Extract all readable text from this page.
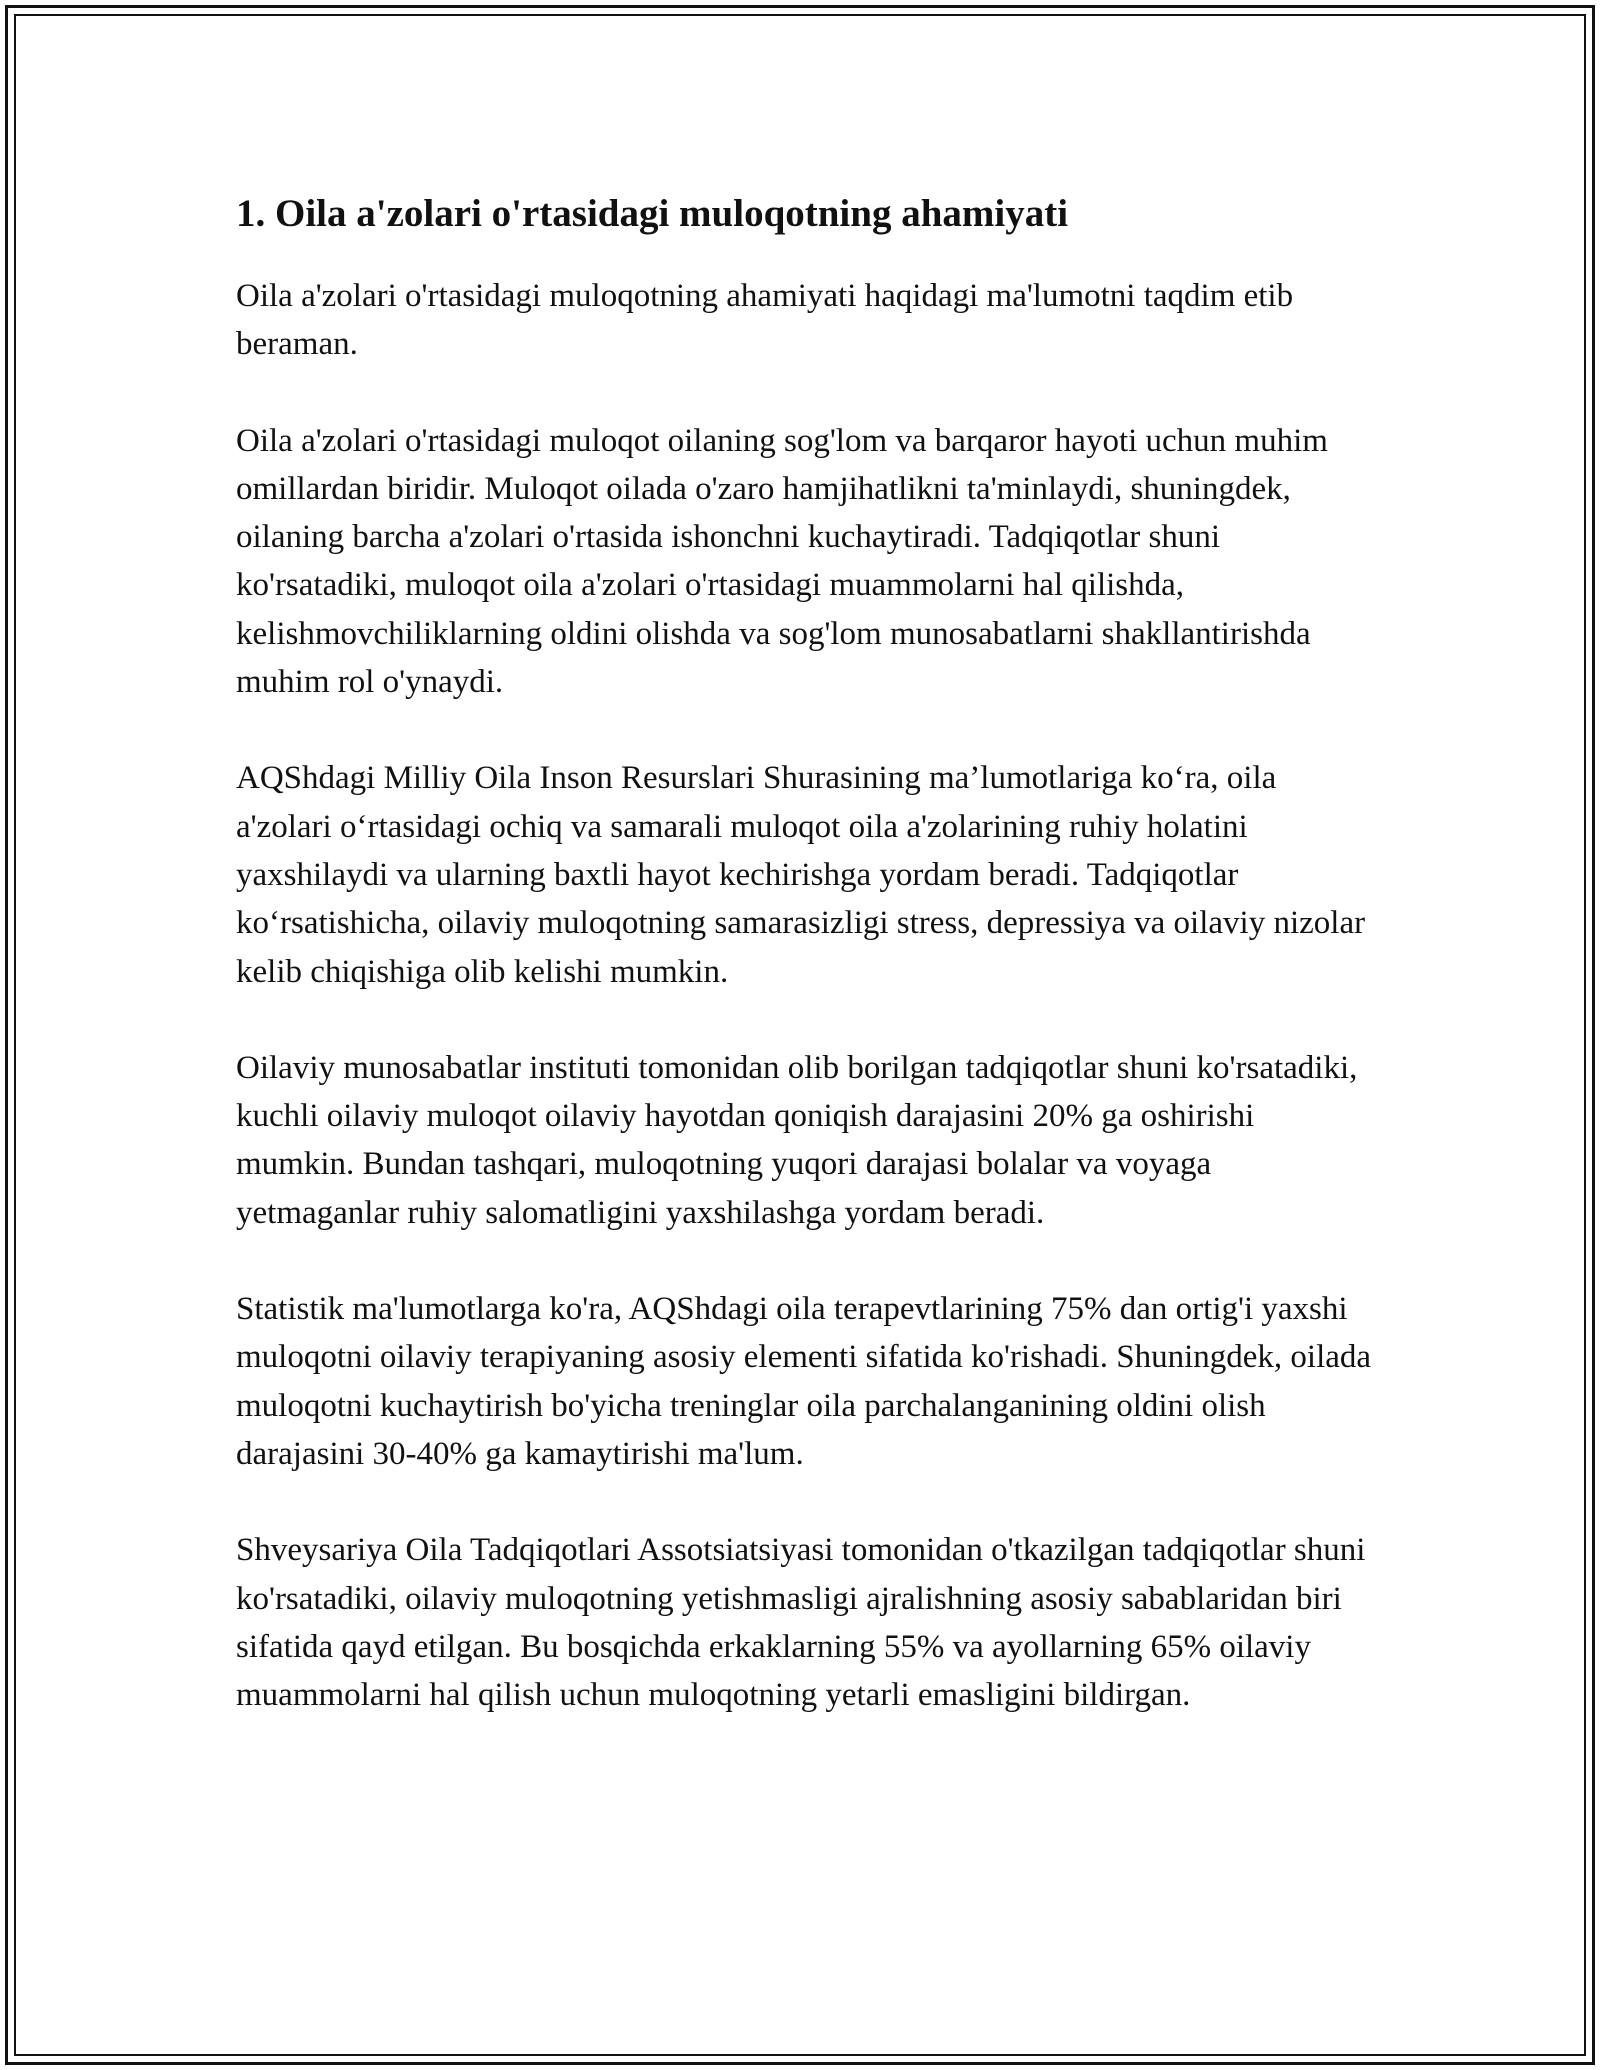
1. Oila a'zolari o'rtasidagi muloqotning ahamiyati

Oila a'zolari o'rtasidagi muloqotning ahamiyati haqidagi ma'lumotni taqdim etib beraman.

Oila a'zolari o'rtasidagi muloqot oilaning sog'lom va barqaror hayoti uchun muhim omillardan biridir. Muloqot oilada o'zaro hamjihatlikni ta'minlaydi, shuningdek, oilaning barcha a'zolari o'rtasida ishonchni kuchaytiradi. Tadqiqotlar shuni ko'rsatadiki, muloqot oila a'zolari o'rtasidagi muammolarni hal qilishda, kelishmovchiliklarning oldini olishda va sog'lom munosabatlarni shakllantirishda muhim rol o'ynaydi.

AQShdagi Milliy Oila Inson Resurslari Shurasining ma’lumotlariga ko‘ra, oila a'zolari o‘rtasidagi ochiq va samarali muloqot oila a'zolarining ruhiy holatini yaxshilaydi va ularning baxtli hayot kechirishga yordam beradi. Tadqiqotlar ko‘rsatishicha, oilaviy muloqotning samarasizligi stress, depressiya va oilaviy nizolar kelib chiqishiga olib kelishi mumkin.

Oilaviy munosabatlar instituti tomonidan olib borilgan tadqiqotlar shuni ko'rsatadiki, kuchli oilaviy muloqot oilaviy hayotdan qoniqish darajasini 20% ga oshirishi mumkin. Bundan tashqari, muloqotning yuqori darajasi bolalar va voyaga yetmaganlar ruhiy salomatligini yaxshilashga yordam beradi.

Statistik ma'lumotlarga ko'ra, AQShdagi oila terapevtlarining 75% dan ortig'i yaxshi muloqotni oilaviy terapiyaning asosiy elementi sifatida ko'rishadi. Shuningdek, oilada muloqotni kuchaytirish bo'yicha treninglar oila parchalanganining oldini olish darajasini 30-40% ga kamaytirishi ma'lum.

Shveysariya Oila Tadqiqotlari Assotsiatsiyasi tomonidan o'tkazilgan tadqiqotlar shuni ko'rsatadiki, oilaviy muloqotning yetishmasligi ajralishning asosiy sabablaridan biri sifatida qayd etilgan. Bu bosqichda erkaklarning 55% va ayollarning 65% oilaviy muammolarni hal qilish uchun muloqotning yetarli emasligini bildirgan.
